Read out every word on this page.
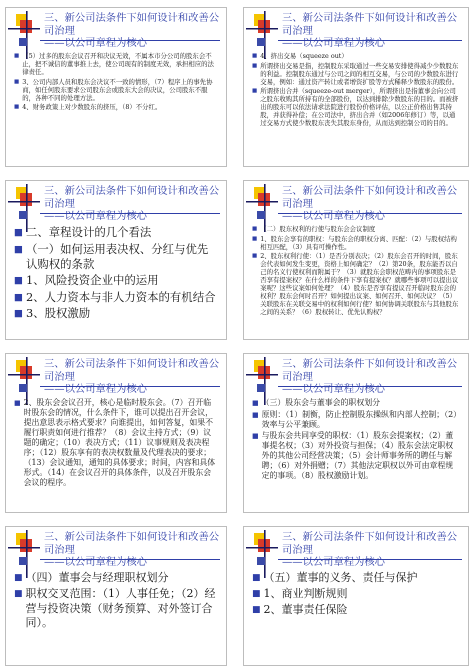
三、新公司法条件下如何设计和改善公司治理
——以公司章程为核心
■ （5）过多的股东会议召开和决议无效，不属本市分公司的股东会不止，把不诚信的董事推上去，使公司现有的制度无效，承担相应的法律责任。
■ 3、公司内部人员和股东会决议不一致的情形，（7）程序上的事先协商，如任何股东要求公司股东会或股东大会的决议，公司股东不服的，各种不同的处理方法。
■ 4、财务政策上对少数股东的挤压，（8）不分红。
三、新公司法条件下如何设计和改善公司治理
——以公司章程为核心
■ 4、挤出交易（squeeze out）
■ 所谓挤出交易是指，控制股东采取通过一些交易安排使得减少少数股东的利益。控制股东通过与公司之间的相互交易，与公司的少数股东进行交易，例如：通过资产转让或者增资扩股等方式稀释少数股东的股份。
■ 所谓挤出合并（squeeze-out merger），所谓挤出是指董事会向公司之股东收购其所持有的全部股份，以达到排除少数股东的目的。而被挤出的股东可以依法请求法院进行股份价格评估，以公正价格出售其持股，并获得补偿；在公司法中，挤出合并（如2006年修订）等，以通过交易方式使少数股东丧失其股东身份，从而达到控制公司的目的。
三、新公司法条件下如何设计和改善公司治理
——以公司章程为核心
■ 二、章程设计的几个看法
■ （一）如何运用表决权、分红与优先认购权的条款
■ 1、风险投资企业中的运用
■ 2、人力资本与非人力资本的有机结合
■ 3、股权激励
三、新公司法条件下如何设计和改善公司治理
——以公司章程为核心
■ （二）股东权利的行使与股东会会议制度
■ 1、股东会享有的职权：与股东会的职权分离、匹配：（2）与股权结构相互匹配，（3）具有可操作性。
■ 2、股东权利行使：（1）是否分别表决；（2）股东会召开的时间，股东会代表如何发生变更，资格上如何确定？（2）第20条，股东能否以自己的名义行使权利而附属于？（3）就股东会职权范畴内的事项股东是否享有提案权？在什么样的条件下享有提案权？就哪些事项可以提出议案呢？这些议案如何处理？（4）股东是否享有提议召开临时股东会的权利？股东会何时召开？如何提出议案、如何召开、如何决议？（5）关联股东在关联交易中的权利如何行使？如何协调关联股东与其他股东之间的关系？（6）股权转让、优先认购权？
三、新公司法条件下如何设计和改善公司治理
——以公司章程为核心
■ 2、股东会会议召开，核心是临时股东会。（7）召开临时股东会的情况，什么条件下，谁可以提出召开会议，提出意思表示格式要求？向谁提出，如何答复，如果不履行职责如何进行推荐？（8）会议主持方式；（9）议题的确定；（10）表决方式；（11）议事规则及表决程序；（12）股东享有的表决权数量及代理表决的要求；（13）会议通知，通知的具体要求；时间，内容和具体形式。（14）在会议召开的具体条件，以及召开股东会会议的程序。
三、新公司法条件下如何设计和改善公司治理
——以公司章程为核心
■ （三）股东会与董事会的职权划分
■ 原则：（1）制衡，防止控制股东操纵和内部人控制；（2）效率与公平兼顾。
■ 与股东会共同享受的职权：（1）股东会提案权；（2）董事提名权；（3）对外投资与担保；（4）股东会法定职权外的其他公司经营决策；（5）会计师事务所的聘任与解聘；（6）对外捐赠；（7）其他法定职权以外可由章程规定的事项。（8）股权激励计划。
三、新公司法条件下如何设计和改善公司治理
——以公司章程为核心
■ （四）董事会与经理职权划分
■ 职权交叉范围：（1）人事任免；（2）经营与投资决策（财务预算、对外签订合同）。
三、新公司法条件下如何设计和改善公司治理
——以公司章程为核心
■ （五）董事的义务、责任与保护
■ 1、商业判断规则
■ 2、董事责任保险
